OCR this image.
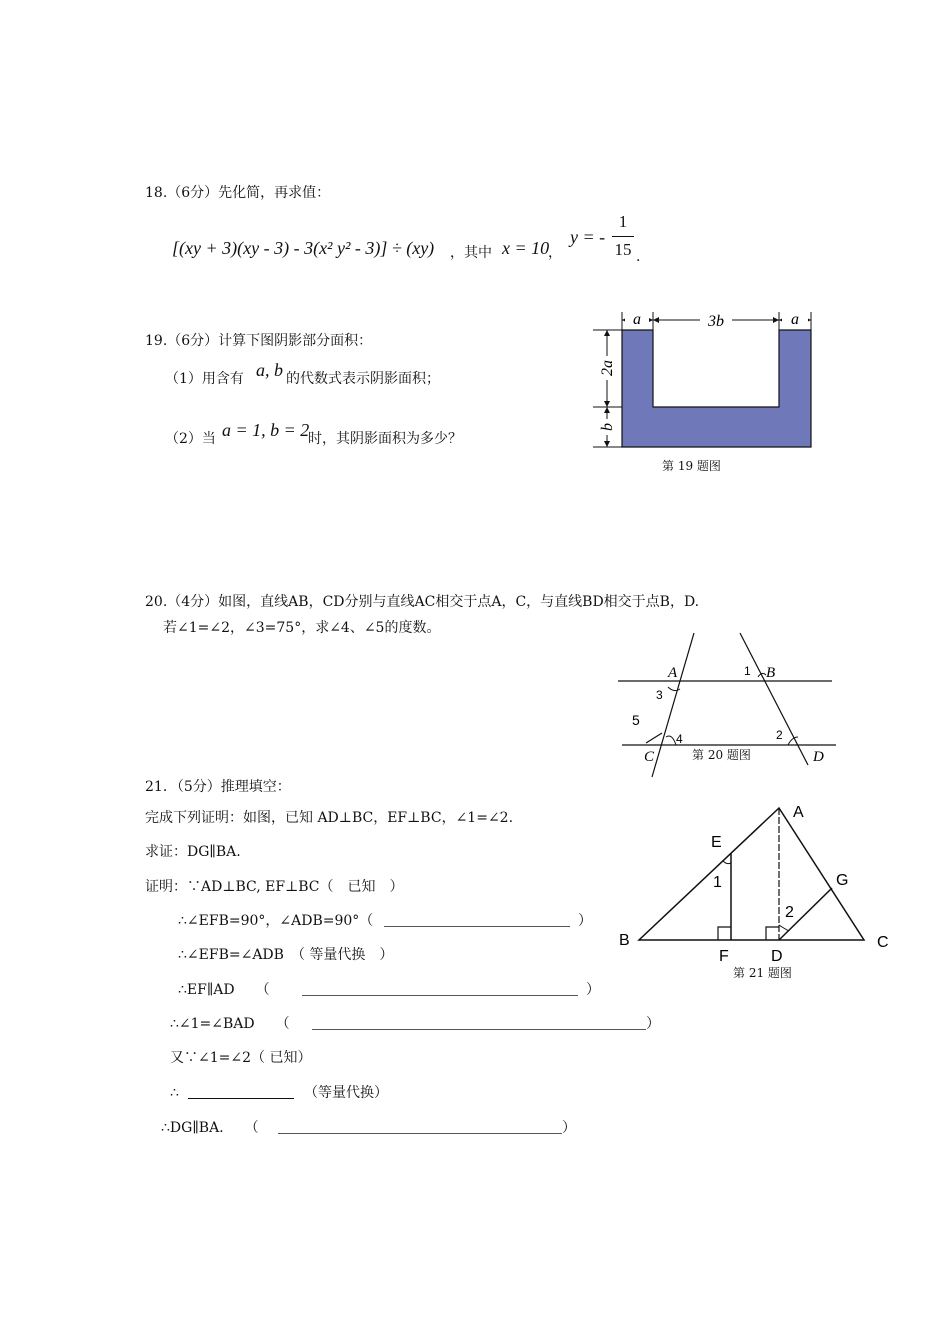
18.（6分）先化简，再求值：
[(xy + 3)(xy - 3) - 3(x² y² - 3)] ÷ (xy) ，其中 x = 10
，
y = -
1
15 .
19.（6分）计算下图阴影部分面积：
（1）用含有 a, b 的代数式表示阴影面积；
（2）当 a = 1, b = 2
时，其阴影面积为多少？
a	3b	a
2a
b
第 19 题图
20.（4分）如图，直线AB，CD分别与直线AC相交于点A，C，与直线BD相交于点B，D.
若∠1=∠2，∠3=75°，求∠4、∠5的度数。
A	B
C	D
1
2
3
4
5
第 20 题图
21．（5分）推理填空：
完成下列证明：如图，已知 AD⊥BC，EF⊥BC，∠1=∠2.
求证：DG∥BA.
证明：∵AD⊥BC, EF⊥BC（　已知　）
∴∠EFB=90°，∠ADB=90°（	）
∴∠EFB=∠ADB　（ 等量代换　）
∴EF∥AD　　（	）
∴∠1=∠BAD　　（	）
又∵∠1=∠2（ 已知）
∴	（等量代换）
∴DG∥BA.　　（	）
A
B	C
D
E
F
G
1
2
第 21 题图
